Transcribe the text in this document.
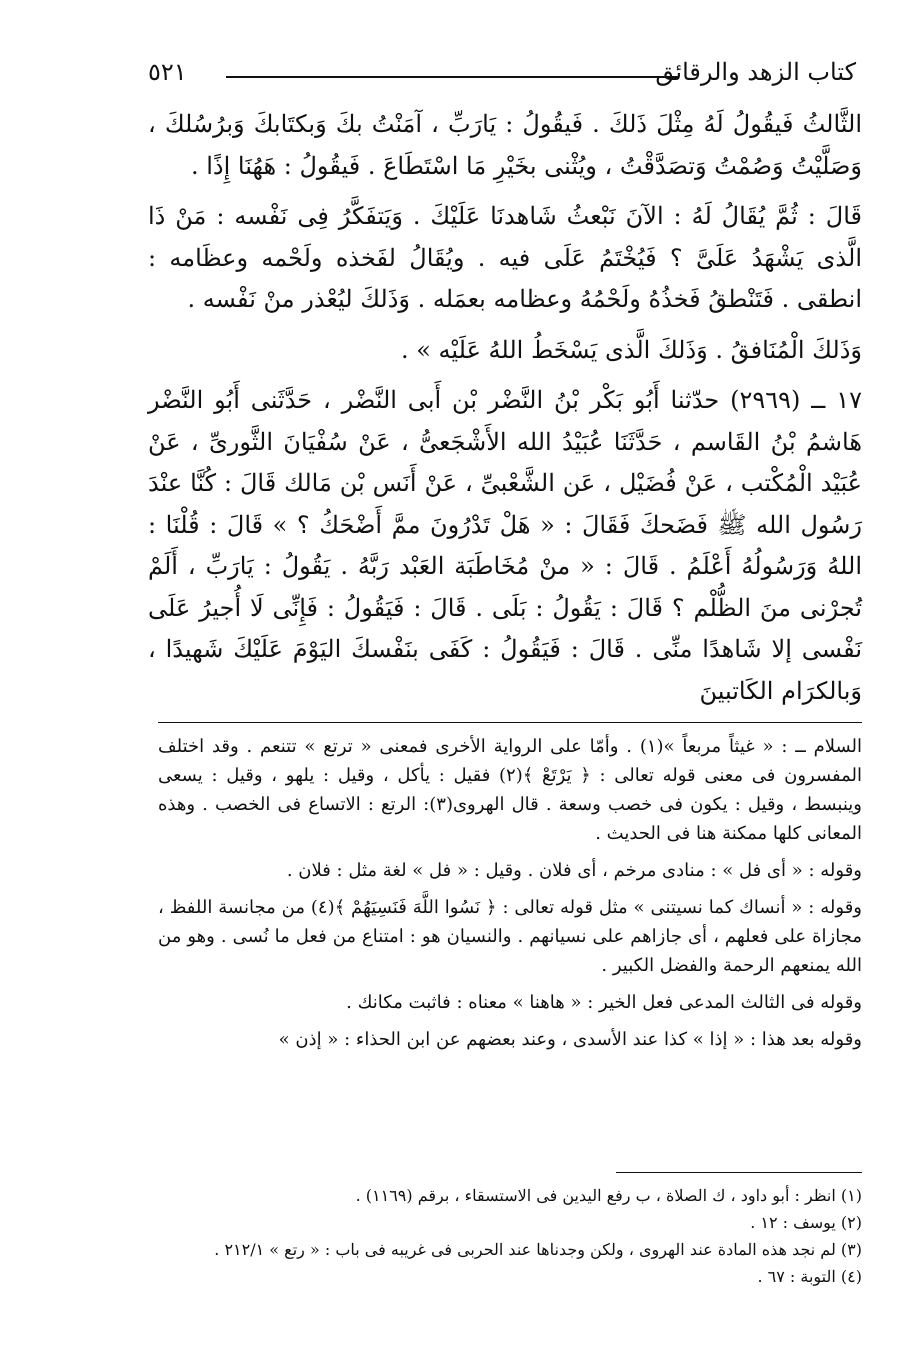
كتاب الزهد والرقائق
٥٢١

الثَّالثُ فَيقُولُ لَهُ مِثْلَ ذَلكَ . فَيقُولُ : يَارَبِّ ، آمَنْتُ بكَ وَبكتَابكَ وَبرُسُلكَ ، وَصَلَّيْتُ وَصُمْتُ وَتصَدَّقْتُ ، ويُثْنى بخَيْرِ مَا اسْتَطَاعَ . فَيقُولُ : هَهُنَا إِذًا .

قَالَ : ثُمَّ يُقَالُ لَهُ : الآنَ نَبْعثُ شَاهدنَا عَلَيْكَ . وَيَتفَكَّرُ فِى نَفْسه : مَنْ ذَا الَّذى يَشْهَدُ عَلَىَّ ؟ فَيُخْتَمُ عَلَى فيه . ويُقَالُ لفَخذه ولَحْمه وعظَامه : انطقى . فَتَنْطقُ فَخذُهُ ولَحْمُهُ وعظامه بعمَله . وَذَلكَ ليُعْذر منْ نَفْسه .

وَذَلكَ الْمُنَافقُ . وَذَلكَ الَّذى يَسْخَطُ اللهُ عَلَيْه » .

١٧ ــ (٢٩٦٩) حدّثنا أَبُو بَكْر بْنُ النَّضْر بْن أَبى النَّضْر ، حَدَّثَنى أَبُو النَّضْر هَاشمُ بْنُ القَاسم ، حَدَّثَنَا عُبَيْدُ الله الأَشْجَعىُّ ، عَنْ سُفْيَانَ الثَّورىِّ ، عَنْ عُبَيْد الْمُكْتب ، عَنْ فُضَيْل ، عَن الشَّعْبىِّ ، عَنْ أَنَس بْن مَالك قَالَ : كُنَّا عنْدَ رَسُول الله ﷺ فَضَحكَ فَقَالَ : « هَلْ تَدْرُونَ ممَّ أَضْحَكُ ؟ » قَالَ : قُلْنَا : اللهُ وَرَسُولُهُ أَعْلَمُ . قَالَ : « منْ مُخَاطَبَة العَبْد رَبَّهُ . يَقُولُ : يَارَبِّ ، أَلَمْ تُجرْنى منَ الظُّلْم ؟ قَالَ : يَقُولُ : بَلَى . قَالَ : فَيَقُولُ : فَإِنِّى لَا أُجيرُ عَلَى نَفْسى إلا شَاهدًا منِّى . قَالَ : فَيَقُولُ : كَفَى بنَفْسكَ اليَوْمَ عَلَيْكَ شَهيدًا ، وَبالكرَام الكَاتبينَ

السلام ــ : « غيثاً مربعاً »(١) . وأمّا على الرواية الأخرى فمعنى « ترتع » تتنعم . وقد اختلف المفسرون فى معنى قوله تعالى : ﴿ يَرْتَعْ ﴾(٢) فقيل : يأكل ، وقيل : يلهو ، وقيل : يسعى وينبسط ، وقيل : يكون فى خصب وسعة . قال الهروى(٣): الرتع : الاتساع فى الخصب . وهذه المعانى كلها ممكنة هنا فى الحديث .

وقوله : « أى فل » : منادى مرخم ، أى فلان . وقيل : « فل » لغة مثل : فلان .

وقوله : « أنساك كما نسيتنى » مثل قوله تعالى : ﴿ نَسُوا اللَّهَ فَنَسِيَهُمْ ﴾(٤) من مجانسة اللفظ ، مجازاة على فعلهم ، أى جازاهم على نسيانهم . والنسيان هو : امتناع من فعل ما نُسى . وهو من الله يمنعهم الرحمة والفضل الكبير .

وقوله فى الثالث المدعى فعل الخير : « هاهنا » معناه : فاثبت مكانك .

وقوله بعد هذا : « إذا » كذا عند الأسدى ، وعند بعضهم عن ابن الحذاء : « إذن »

(١) انظر : أبو داود ، ك الصلاة ، ب رفع اليدين فى الاستسقاء ، برقم (١١٦٩) .
(٢) يوسف : ١٢ .
(٣) لم نجد هذه المادة عند الهروى ، ولكن وجدناها عند الحربى فى غريبه فى باب : « رتع » ٢١٢/١ .
(٤) التوبة : ٦٧ .
